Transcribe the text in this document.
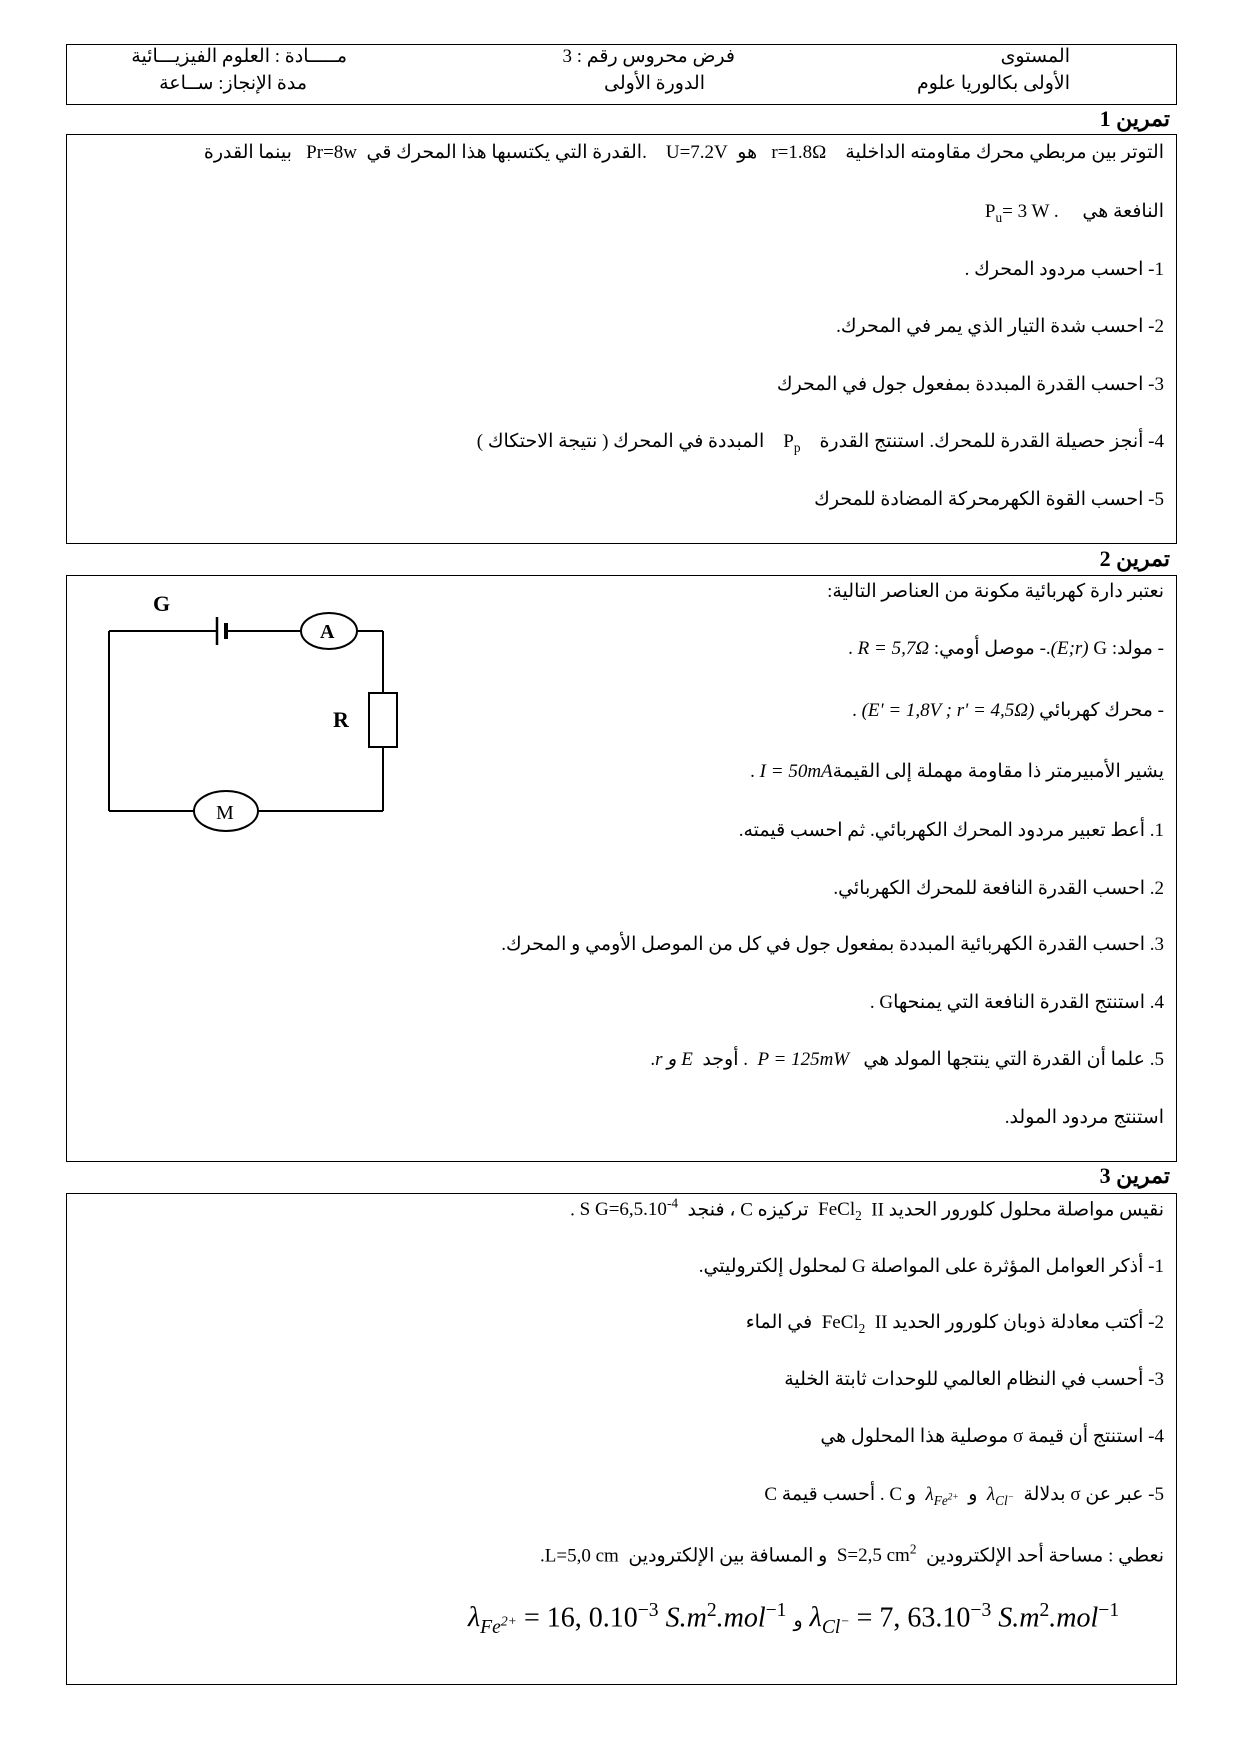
مـــــادة : العلوم الفيزيـــائية
مدة الإنجاز: ســاعة
فرض محروس رقم : 3
الدورة الأولى
المستوى
الأولى بكالوريا علوم
تمرين 1
التوتر بين مربطي محرك مقاومته الداخلية    r=1.8Ω   هو  U=7.2V    .القدرة التي يكتسبها هذا المحرك قي  Pr=8w   بينما القدرة
النافعة هي     $P_u= 3$ W .
1- احسب مردود المحرك .
2- احسب شدة التيار الذي يمر في المحرك.
3- احسب القدرة المبددة بمفعول جول في المحرك
4- أنجز حصيلة القدرة للمحرك. استنتج القدرة    $P_p$    المبددة في المحرك ( نتيجة الاحتكاك )
5- احسب القوة الكهرمحركة المضادة للمحرك
تمرين 2
نعتبر دارة كهربائية مكونة من العناصر التالية:
- مولد: G (E;r).- موصل أومي: R = 5,7Ω .
- محرك كهربائي (E' = 1,8V ; r' = 4,5Ω) .
يشير الأمبيرمتر ذا مقاومة مهملة إلى القيمةI = 50mA .
1. أعط تعبير مردود المحرك الكهربائي. ثم احسب قيمته.
2. احسب القدرة النافعة للمحرك الكهربائي.
3. احسب القدرة الكهربائية المبددة بمفعول جول في كل من الموصل الأومي و المحرك.
4. استنتج القدرة النافعة التي يمنحهاG .
5. علما أن القدرة التي ينتجها المولد هي   P = 125mW  . أوجد  E و r.
استنتج مردود المولد.
G
A
R
M
تمرين 3
نقيس مواصلة محلول كلورور الحديد II  FeCl$_2$  تركيزه C ، فنجد  S $G=6,5.10^{-4}$ .
1- أذكر العوامل المؤثرة على المواصلة G لمحلول إلكتروليتي.
2- أكتب معادلة ذوبان كلورور الحديد II  FeCl$_2$  في الماء
3- أحسب في النظام العالمي للوحدات ثابتة الخلية
4- استنتج أن قيمة σ موصلية هذا المحلول هي
5- عبر عن σ بدلالة  $\lambda_{Cl^-}$  و  $\lambda_{Fe^{2+}}$  و C . أحسب قيمة C
نعطي : مساحة أحد الإلكترودين  S=2,5 $cm^2$  و المسافة بين الإلكترودين  L=5,0 cm.
$\lambda_{Fe^{2+}} = 16$, $0.10^{-3}$ $S.m^2.mol^{-1}$ و $\lambda_{Cl^-} = 7$, $63.10^{-3}$ $S.m^2.mol^{-1}$
